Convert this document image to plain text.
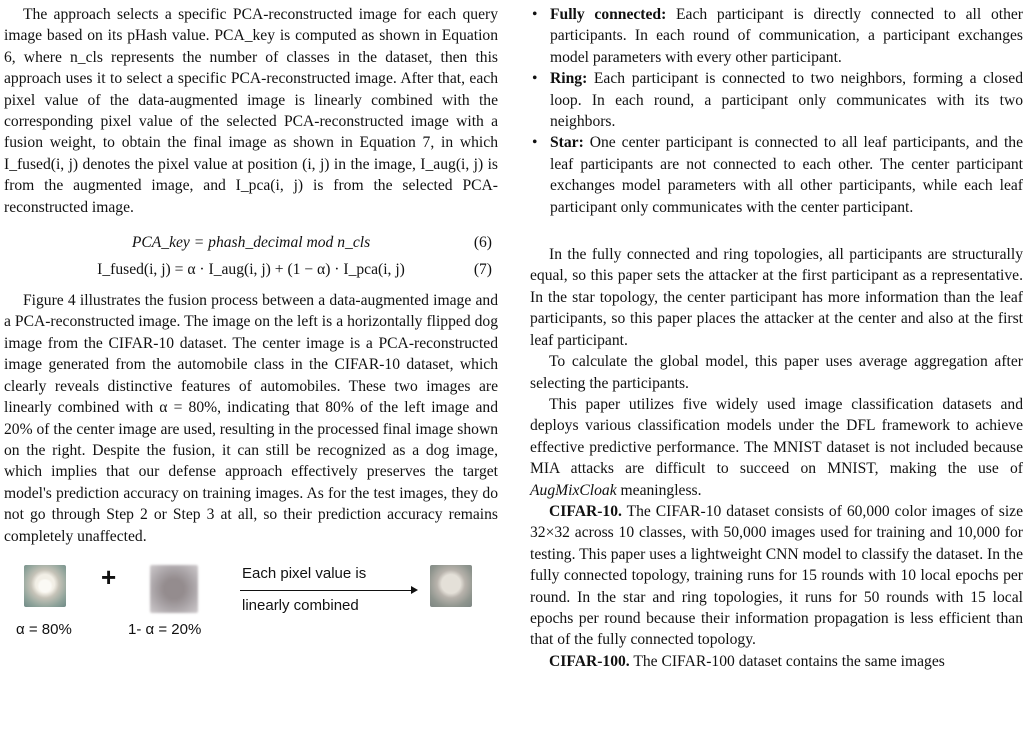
The approach selects a specific PCA-reconstructed image for each query image based on its pHash value. PCA_key is computed as shown in Equation 6, where n_cls represents the number of classes in the dataset, then this approach uses it to select a specific PCA-reconstructed image. After that, each pixel value of the data-augmented image is linearly combined with the corresponding pixel value of the selected PCA-reconstructed image with a fusion weight, to obtain the final image as shown in Equation 7, in which I_fused(i, j) denotes the pixel value at position (i, j) in the image, I_aug(i, j) is from the augmented image, and I_pca(i, j) is from the selected PCA-reconstructed image.

PCA_key = phash_decimal mod n_cls	(6)
I_fused(i, j) = α · I_aug(i, j) + (1 − α) · I_pca(i, j)	(7)

Figure 4 illustrates the fusion process between a data-augmented image and a PCA-reconstructed image. The image on the left is a horizontally flipped dog image from the CIFAR-10 dataset. The center image is a PCA-reconstructed image generated from the automobile class in the CIFAR-10 dataset, which clearly reveals distinctive features of automobiles. These two images are linearly combined with α = 80%, indicating that 80% of the left image and 20% of the center image are used, resulting in the processed final image shown on the right. Despite the fusion, it can still be recognized as a dog image, which implies that our defense approach effectively preserves the target model's prediction accuracy on training images. As for the test images, they do not go through Step 2 or Step 3 at all, so their prediction accuracy remains completely unaffected.

+	Each pixel value is
linearly combined
α = 80%	1- α = 20%
• Fully connected: Each participant is directly connected to all other participants. In each round of communication, a participant exchanges model parameters with every other participant.
• Ring: Each participant is connected to two neighbors, forming a closed loop. In each round, a participant only communicates with its two neighbors.
• Star: One center participant is connected to all leaf participants, and the leaf participants are not connected to each other. The center participant exchanges model parameters with all other participants, while each leaf participant only communicates with the center participant.

In the fully connected and ring topologies, all participants are structurally equal, so this paper sets the attacker at the first participant as a representative. In the star topology, the center participant has more information than the leaf participants, so this paper places the attacker at the center and also at the first leaf participant.

To calculate the global model, this paper uses average aggregation after selecting the participants.

This paper utilizes five widely used image classification datasets and deploys various classification models under the DFL framework to achieve effective predictive performance. The MNIST dataset is not included because MIA attacks are difficult to succeed on MNIST, making the use of AugMixCloak meaningless.

CIFAR-10. The CIFAR-10 dataset consists of 60,000 color images of size 32×32 across 10 classes, with 50,000 images used for training and 10,000 for testing. This paper uses a lightweight CNN model to classify the dataset. In the fully connected topology, training runs for 15 rounds with 10 local epochs per round. In the star and ring topologies, it runs for 50 rounds with 15 local epochs per round because their information propagation is less efficient than that of the fully connected topology.

CIFAR-100. The CIFAR-100 dataset contains the same images
